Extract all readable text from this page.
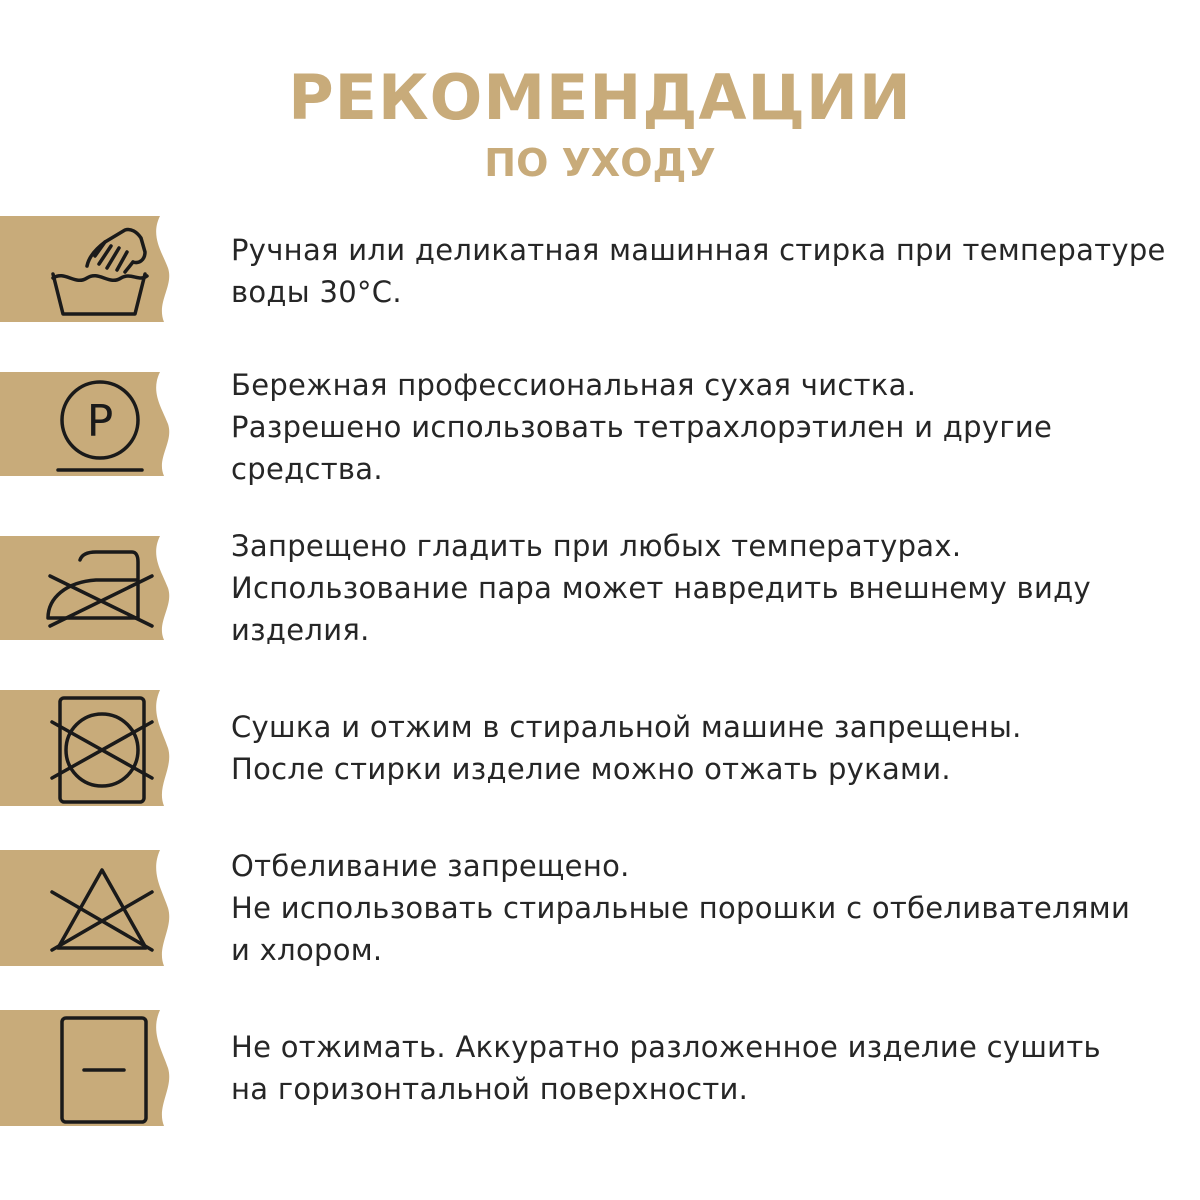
РЕКОМЕНДАЦИИ
ПО УХОДУ
Ручная или деликатная машинная стирка при температуре
воды 30°C.
P
Бережная профессиональная сухая чистка.
Разрешено использовать тетрахлорэтилен и другие
средства.
Запрещено гладить при любых температурах.
Использование пара может навредить внешнему виду
изделия.
Сушка и отжим в стиральной машине запрещены.
После стирки изделие можно отжать руками.
Отбеливание запрещено.
Не использовать стиральные порошки с отбеливателями
и хлором.
Не отжимать. Аккуратно разложенное изделие сушить
на горизонтальной поверхности.
